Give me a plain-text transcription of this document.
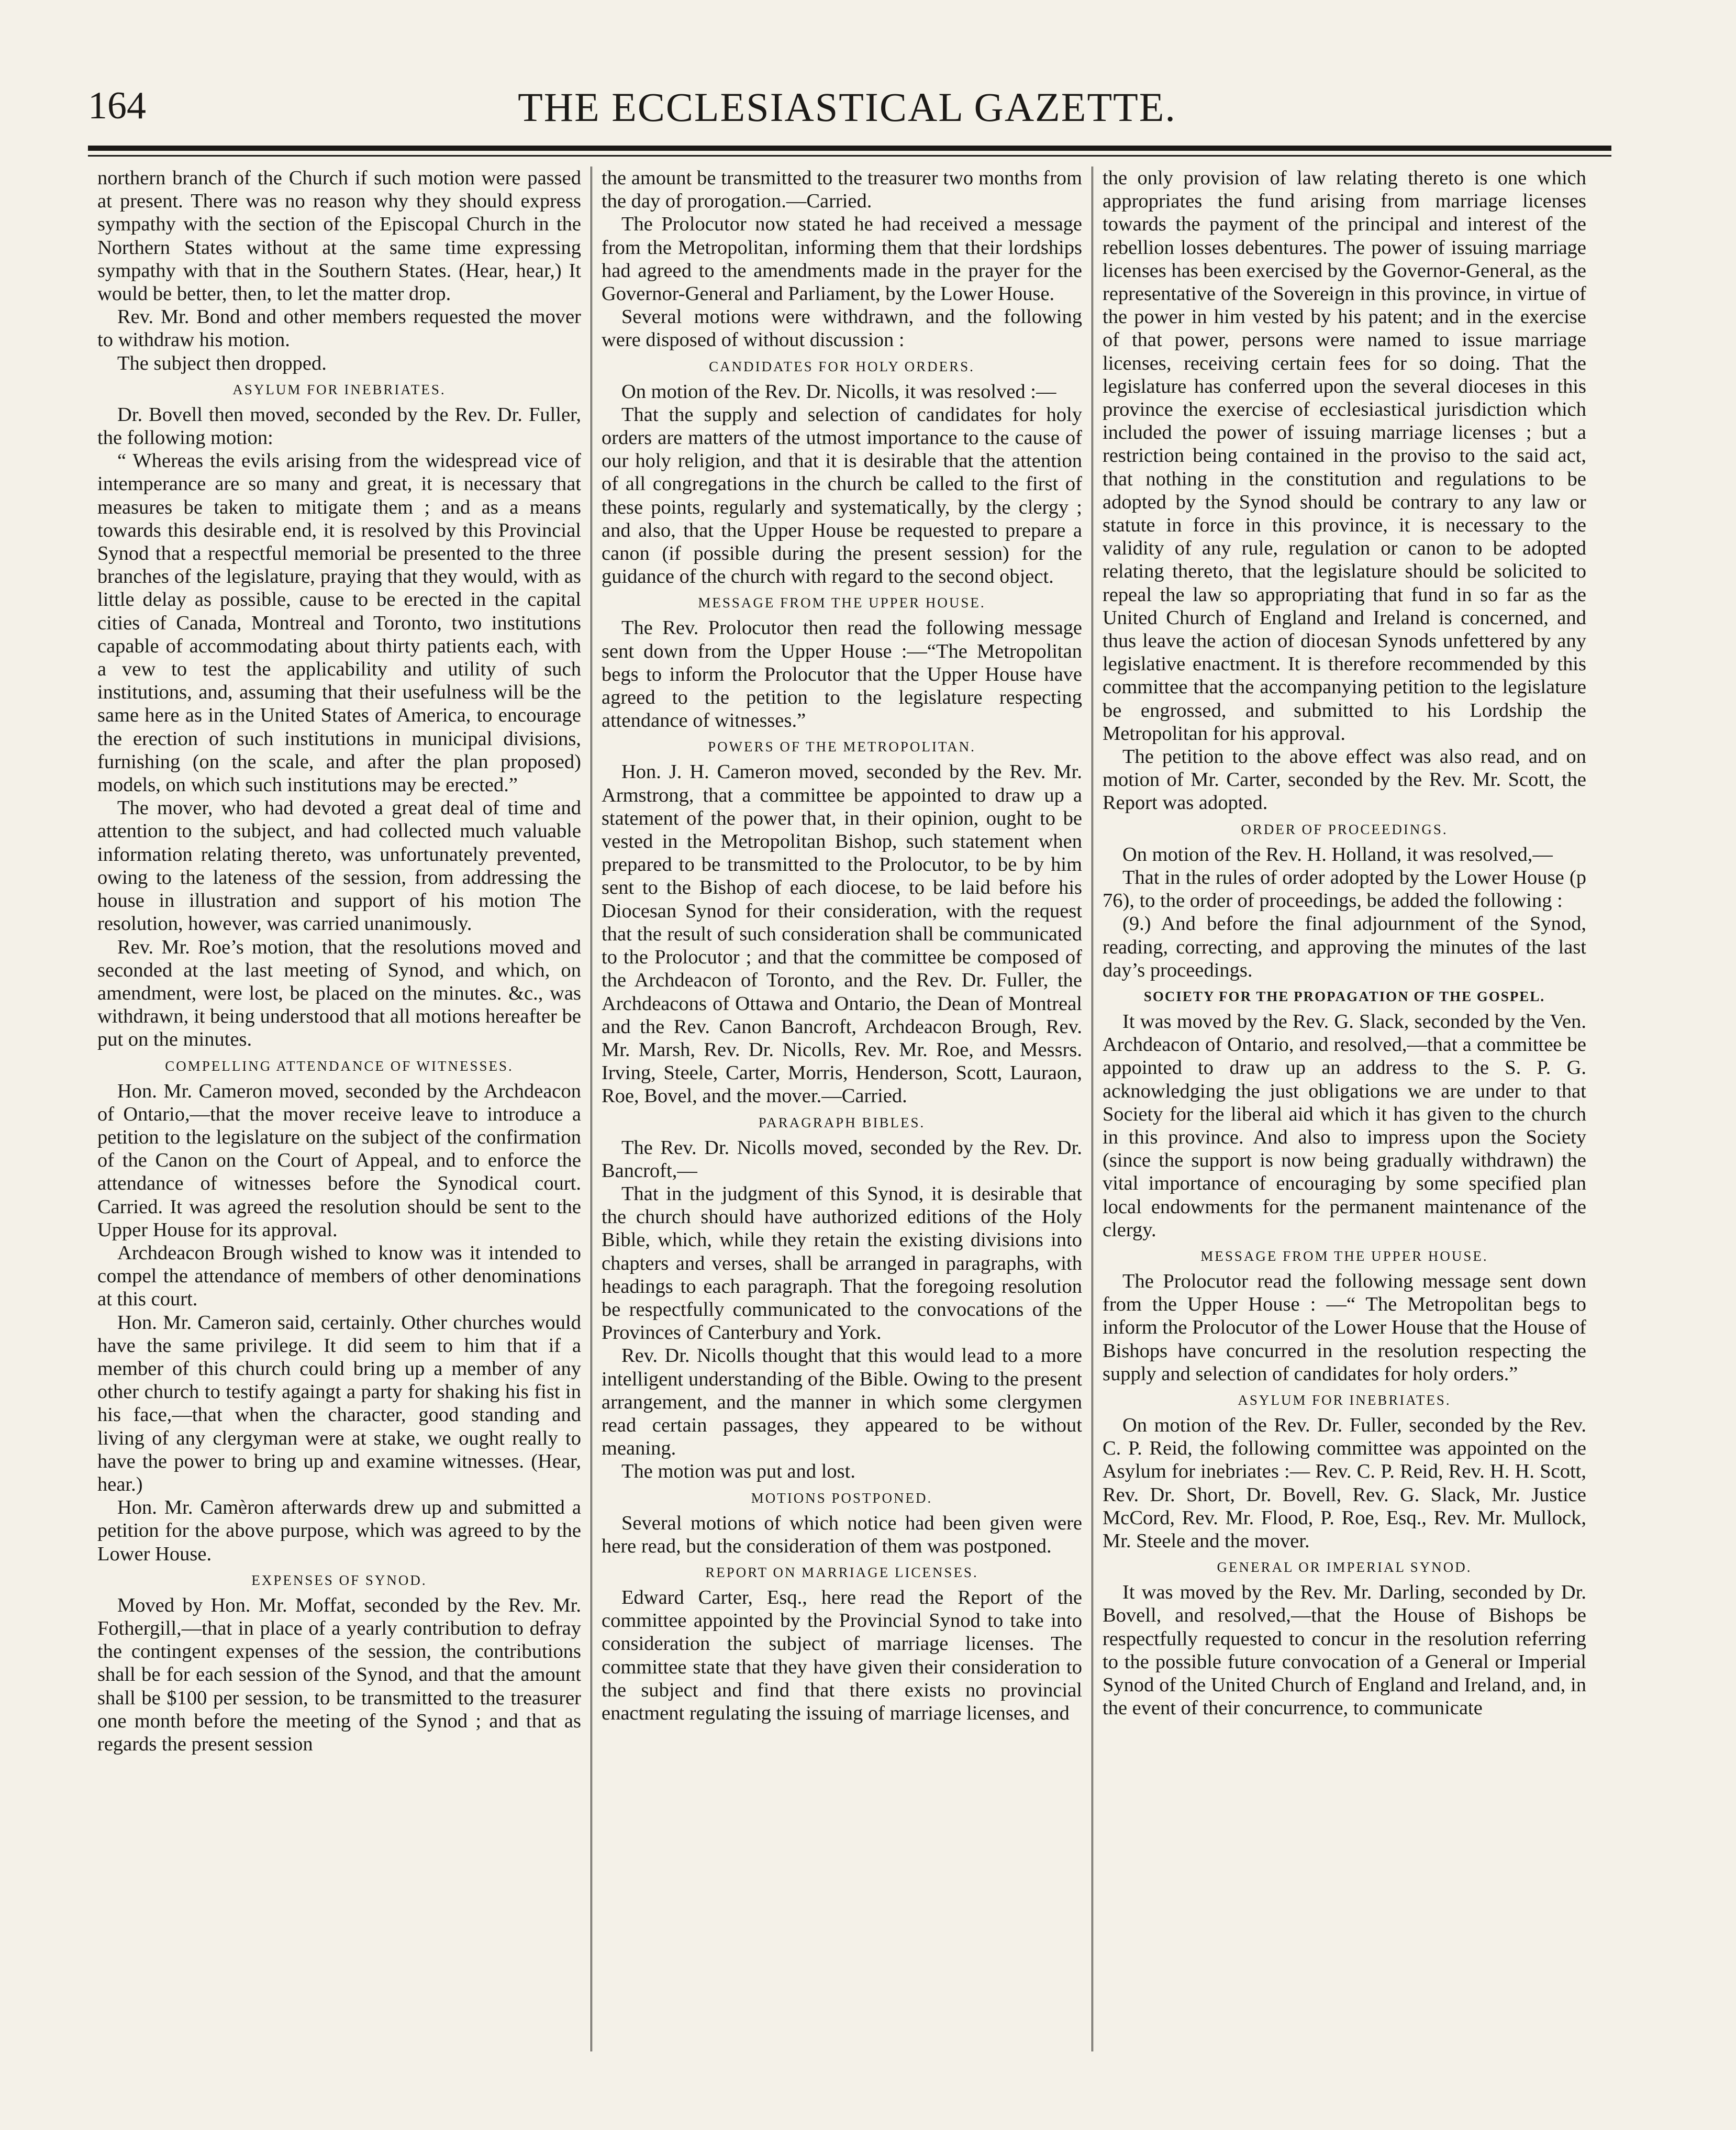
164	THE ECCLESIASTICAL GAZETTE.

northern branch of the Church if such motion were passed at present. There was no reason why they should express sympathy with the section of the Episcopal Church in the Northern States without at the same time expressing sympathy with that in the Southern States. (Hear, hear,) It would be better, then, to let the matter drop.

Rev. Mr. Bond and other members requested the mover to withdraw his motion.

The subject then dropped.

ASYLUM FOR INEBRIATES.

Dr. Bovell then moved, seconded by the Rev. Dr. Fuller, the following motion:

“ Whereas the evils arising from the widespread vice of intemperance are so many and great, it is necessary that measures be taken to mitigate them ; and as a means towards this desirable end, it is resolved by this Provincial Synod that a respectful memorial be presented to the three branches of the legislature, praying that they would, with as little delay as possible, cause to be erected in the capital cities of Canada, Montreal and Toronto, two institutions capable of accommodating about thirty patients each, with a vew to test the applicability and utility of such institutions, and, assuming that their usefulness will be the same here as in the United States of America, to encourage the erection of such institutions in municipal divisions, furnishing (on the scale, and after the plan proposed) models, on which such institutions may be erected.”

The mover, who had devoted a great deal of time and attention to the subject, and had collected much valuable information relating thereto, was unfortunately prevented, owing to the lateness of the session, from addressing the house in illustration and support of his motion The resolution, however, was carried unanimously.

Rev. Mr. Roe’s motion, that the resolutions moved and seconded at the last meeting of Synod, and which, on amendment, were lost, be placed on the minutes. &c., was withdrawn, it being understood that all motions hereafter be put on the minutes.

COMPELLING ATTENDANCE OF WITNESSES.

Hon. Mr. Cameron moved, seconded by the Archdeacon of Ontario,—that the mover receive leave to introduce a petition to the legislature on the subject of the confirmation of the Canon on the Court of Appeal, and to enforce the attendance of witnesses before the Synodical court. Carried. It was agreed the resolution should be sent to the Upper House for its approval.

Archdeacon Brough wished to know was it intended to compel the attendance of members of other denominations at this court.

Hon. Mr. Cameron said, certainly. Other churches would have the same privilege. It did seem to him that if a member of this church could bring up a member of any other church to testify againgt a party for shaking his fist in his face,—that when the character, good standing and living of any clergyman were at stake, we ought really to have the power to bring up and examine witnesses. (Hear, hear.)

Hon. Mr. Camèron afterwards drew up and submitted a petition for the above purpose, which was agreed to by the Lower House.

EXPENSES OF SYNOD.

Moved by Hon. Mr. Moffat, seconded by the Rev. Mr. Fothergill,—that in place of a yearly contribution to defray the contingent expenses of the session, the contributions shall be for each session of the Synod, and that the amount shall be $100 per session, to be transmitted to the treasurer one month before the meeting of the Synod ; and that as regards the present session

the amount be transmitted to the treasurer two months from the day of prorogation.—Carried.

The Prolocutor now stated he had received a message from the Metropolitan, informing them that their lordships had agreed to the amendments made in the prayer for the Governor-General and Parliament, by the Lower House.

Several motions were withdrawn, and the following were disposed of without discussion :

CANDIDATES FOR HOLY ORDERS.

On motion of the Rev. Dr. Nicolls, it was resolved :—

That the supply and selection of candidates for holy orders are matters of the utmost importance to the cause of our holy religion, and that it is desirable that the attention of all congregations in the church be called to the first of these points, regularly and systematically, by the clergy ; and also, that the Upper House be requested to prepare a canon (if possible during the present session) for the guidance of the church with regard to the second object.

MESSAGE FROM THE UPPER HOUSE.

The Rev. Prolocutor then read the following message sent down from the Upper House :—“The Metropolitan begs to inform the Prolocutor that the Upper House have agreed to the petition to the legislature respecting attendance of witnesses.”

POWERS OF THE METROPOLITAN.

Hon. J. H. Cameron moved, seconded by the Rev. Mr. Armstrong, that a committee be appointed to draw up a statement of the power that, in their opinion, ought to be vested in the Metropolitan Bishop, such statement when prepared to be transmitted to the Prolocutor, to be by him sent to the Bishop of each diocese, to be laid before his Diocesan Synod for their consideration, with the request that the result of such consideration shall be communicated to the Prolocutor ; and that the committee be composed of the Archdeacon of Toronto, and the Rev. Dr. Fuller, the Archdeacons of Ottawa and Ontario, the Dean of Montreal and the Rev. Canon Bancroft, Archdeacon Brough, Rev. Mr. Marsh, Rev. Dr. Nicolls, Rev. Mr. Roe, and Messrs. Irving, Steele, Carter, Morris, Henderson, Scott, Lauraon, Roe, Bovel, and the mover.—Carried.

PARAGRAPH BIBLES.

The Rev. Dr. Nicolls moved, seconded by the Rev. Dr. Bancroft,—

That in the judgment of this Synod, it is desirable that the church should have authorized editions of the Holy Bible, which, while they retain the existing divisions into chapters and verses, shall be arranged in paragraphs, with headings to each paragraph. That the foregoing resolution be respectfully communicated to the convocations of the Provinces of Canterbury and York.

Rev. Dr. Nicolls thought that this would lead to a more intelligent understanding of the Bible. Owing to the present arrangement, and the manner in which some clergymen read certain passages, they appeared to be without meaning.

The motion was put and lost.

MOTIONS POSTPONED.

Several motions of which notice had been given were here read, but the consideration of them was postponed.

REPORT ON MARRIAGE LICENSES.

Edward Carter, Esq., here read the Report of the committee appointed by the Provincial Synod to take into consideration the subject of marriage licenses. The committee state that they have given their consideration to the subject and find that there exists no provincial enactment regulating the issuing of marriage licenses, and

the only provision of law relating thereto is one which appropriates the fund arising from marriage licenses towards the payment of the principal and interest of the rebellion losses debentures. The power of issuing marriage licenses has been exercised by the Governor-General, as the representative of the Sovereign in this province, in virtue of the power in him vested by his patent; and in the exercise of that power, persons were named to issue marriage licenses, receiving certain fees for so doing. That the legislature has conferred upon the several dioceses in this province the exercise of ecclesiastical jurisdiction which included the power of issuing marriage licenses ; but a restriction being contained in the proviso to the said act, that nothing in the constitution and regulations to be adopted by the Synod should be contrary to any law or statute in force in this province, it is necessary to the validity of any rule, regulation or canon to be adopted relating thereto, that the legislature should be solicited to repeal the law so appropriating that fund in so far as the United Church of England and Ireland is concerned, and thus leave the action of diocesan Synods unfettered by any legislative enactment. It is therefore recommended by this committee that the accompanying petition to the legislature be engrossed, and submitted to his Lordship the Metropolitan for his approval.

The petition to the above effect was also read, and on motion of Mr. Carter, seconded by the Rev. Mr. Scott, the Report was adopted.

ORDER OF PROCEEDINGS.

On motion of the Rev. H. Holland, it was resolved,—

That in the rules of order adopted by the Lower House (p 76), to the order of proceedings, be added the following :

(9.) And before the final adjournment of the Synod, reading, correcting, and approving the minutes of the last day’s proceedings.

SOCIETY FOR THE PROPAGATION OF THE GOSPEL.

It was moved by the Rev. G. Slack, seconded by the Ven. Archdeacon of Ontario, and resolved,—that a committee be appointed to draw up an address to the S. P. G. acknowledging the just obligations we are under to that Society for the liberal aid which it has given to the church in this province. And also to impress upon the Society (since the support is now being gradually withdrawn) the vital importance of encouraging by some specified plan local endowments for the permanent maintenance of the clergy.

MESSAGE FROM THE UPPER HOUSE.

The Prolocutor read the following message sent down from the Upper House : —“ The Metropolitan begs to inform the Prolocutor of the Lower House that the House of Bishops have concurred in the resolution respecting the supply and selection of candidates for holy orders.”

ASYLUM FOR INEBRIATES.

On motion of the Rev. Dr. Fuller, seconded by the Rev. C. P. Reid, the following committee was appointed on the Asylum for inebriates :— Rev. C. P. Reid, Rev. H. H. Scott, Rev. Dr. Short, Dr. Bovell, Rev. G. Slack, Mr. Justice McCord, Rev. Mr. Flood, P. Roe, Esq., Rev. Mr. Mullock, Mr. Steele and the mover.

GENERAL OR IMPERIAL SYNOD.

It was moved by the Rev. Mr. Darling, seconded by Dr. Bovell, and resolved,—that the House of Bishops be respectfully requested to concur in the resolution referring to the possible future convocation of a General or Imperial Synod of the United Church of England and Ireland, and, in the event of their concurrence, to communicate
